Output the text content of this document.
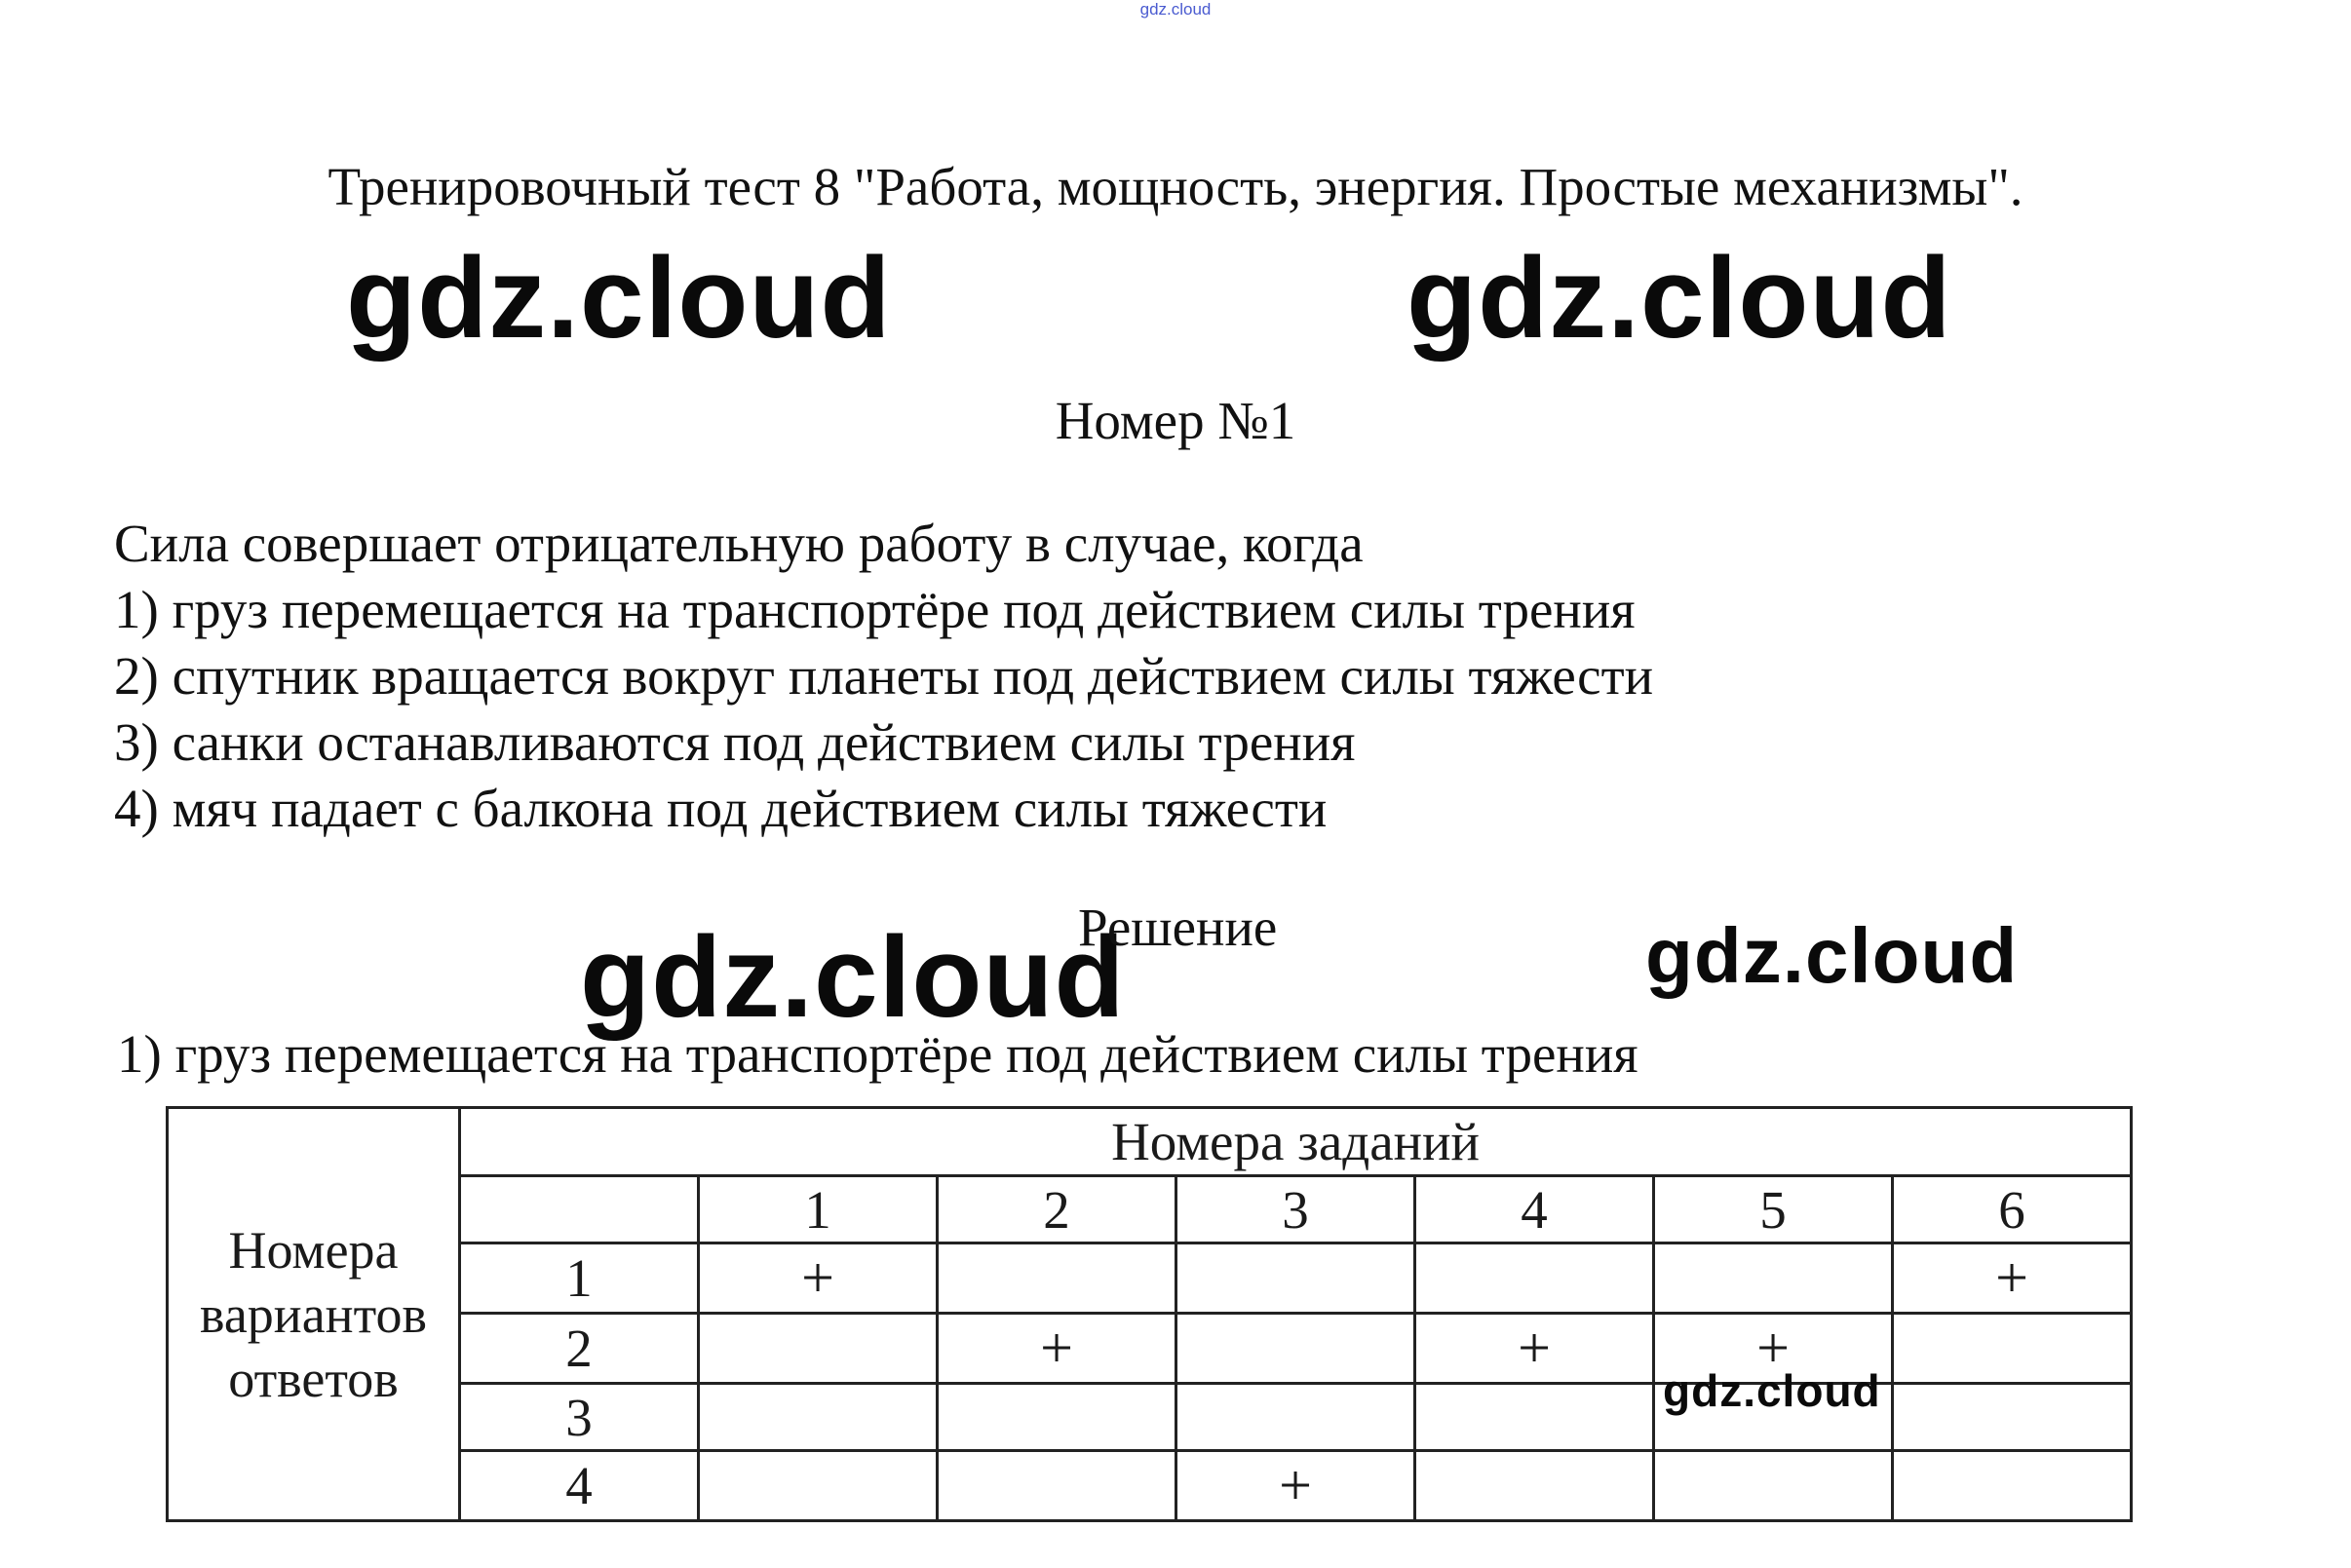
gdz.cloud
Тренировочный тест 8 "Работа, мощность, энергия. Простые механизмы".
gdz.cloud	gdz.cloud
Номер №1
Сила совершает отрицательную работу в случае, когда
1) груз перемещается на транспортёре под действием силы трения
2) спутник вращается вокруг планеты под действием силы тяжести
3) санки останавливаются под действием силы трения
4) мяч падает с балкона под действием силы тяжести
gdz.cloud
Решение	gdz.cloud
1) груз перемещается на транспортёре под действием силы трения
Номера
вариантов
ответов	Номера заданий						
		1	2	3	4	5	6
	1	+					+
	2		+		+	+	
	3						
	4			+			
gdz.cloud
